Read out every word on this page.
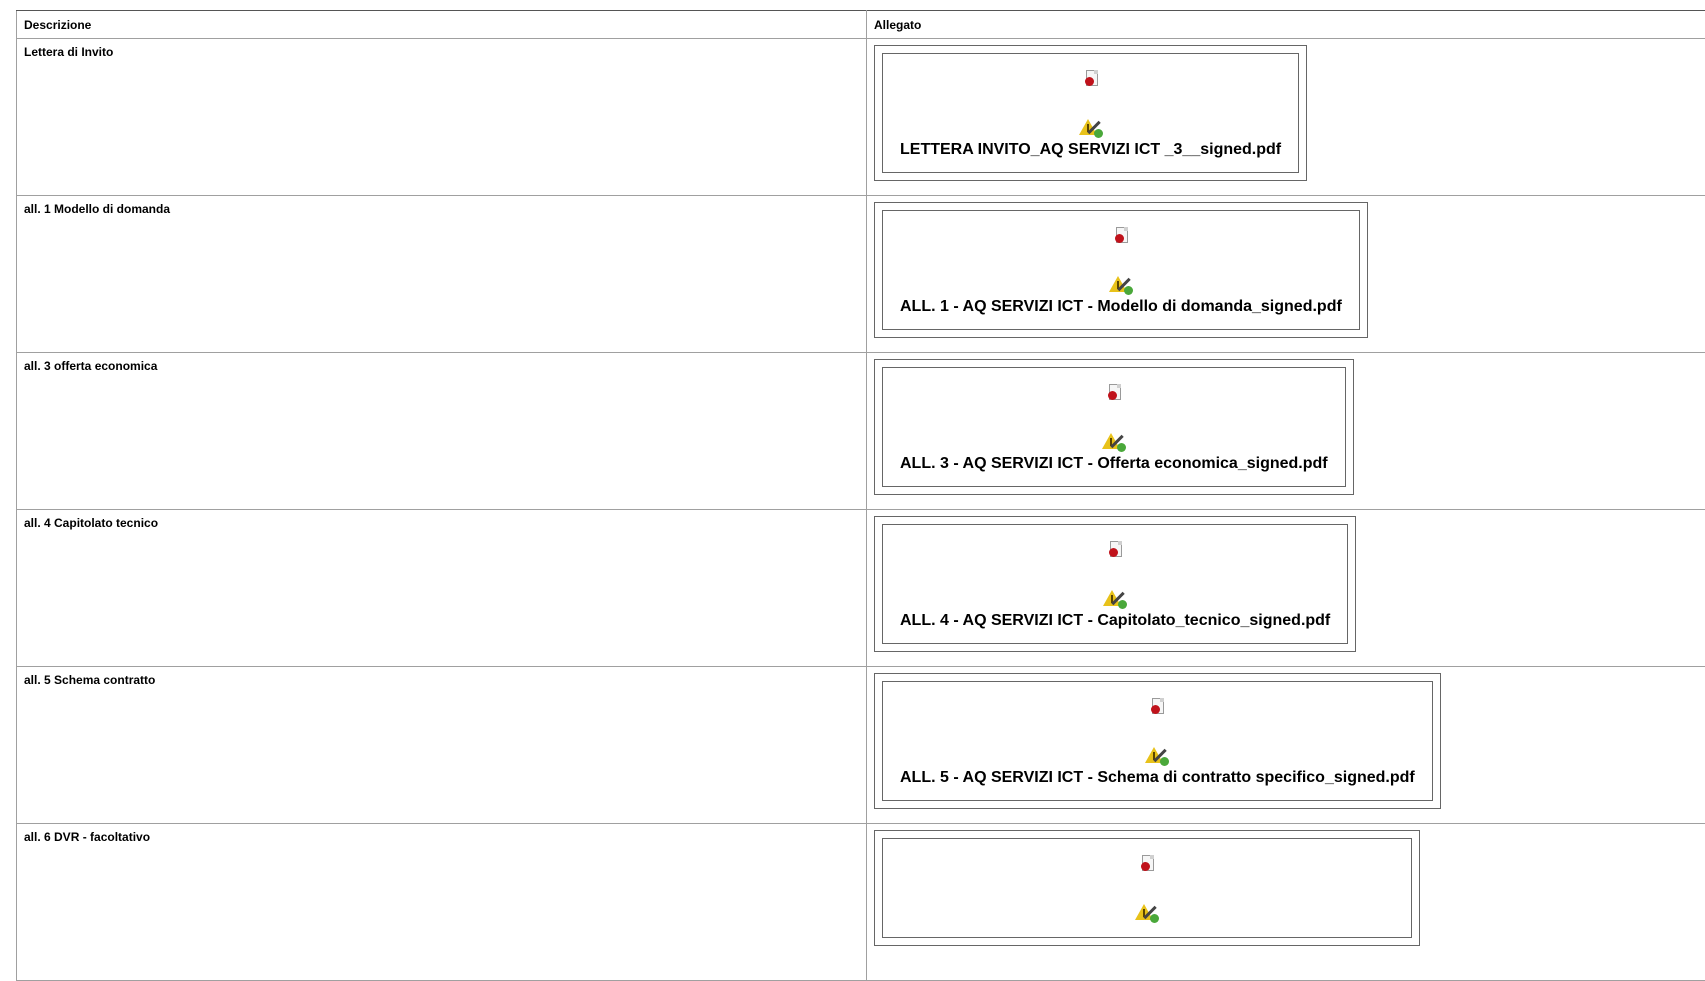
Descrizione	Allegato
Lettera di Invito	LETTERA INVITO_AQ SERVIZI ICT _3__signed.pdf

all. 1 Modello di domanda	ALL. 1 - AQ SERVIZI ICT - Modello di domanda_signed.pdf

all. 3 offerta economica	ALL. 3 - AQ SERVIZI ICT - Offerta economica_signed.pdf

all. 4 Capitolato tecnico	ALL. 4 - AQ SERVIZI ICT - Capitolato_tecnico_signed.pdf

all. 5 Schema contratto	ALL. 5 - AQ SERVIZI ICT - Schema di contratto specifico_signed.pdf

all. 6 DVR - facoltativo	
